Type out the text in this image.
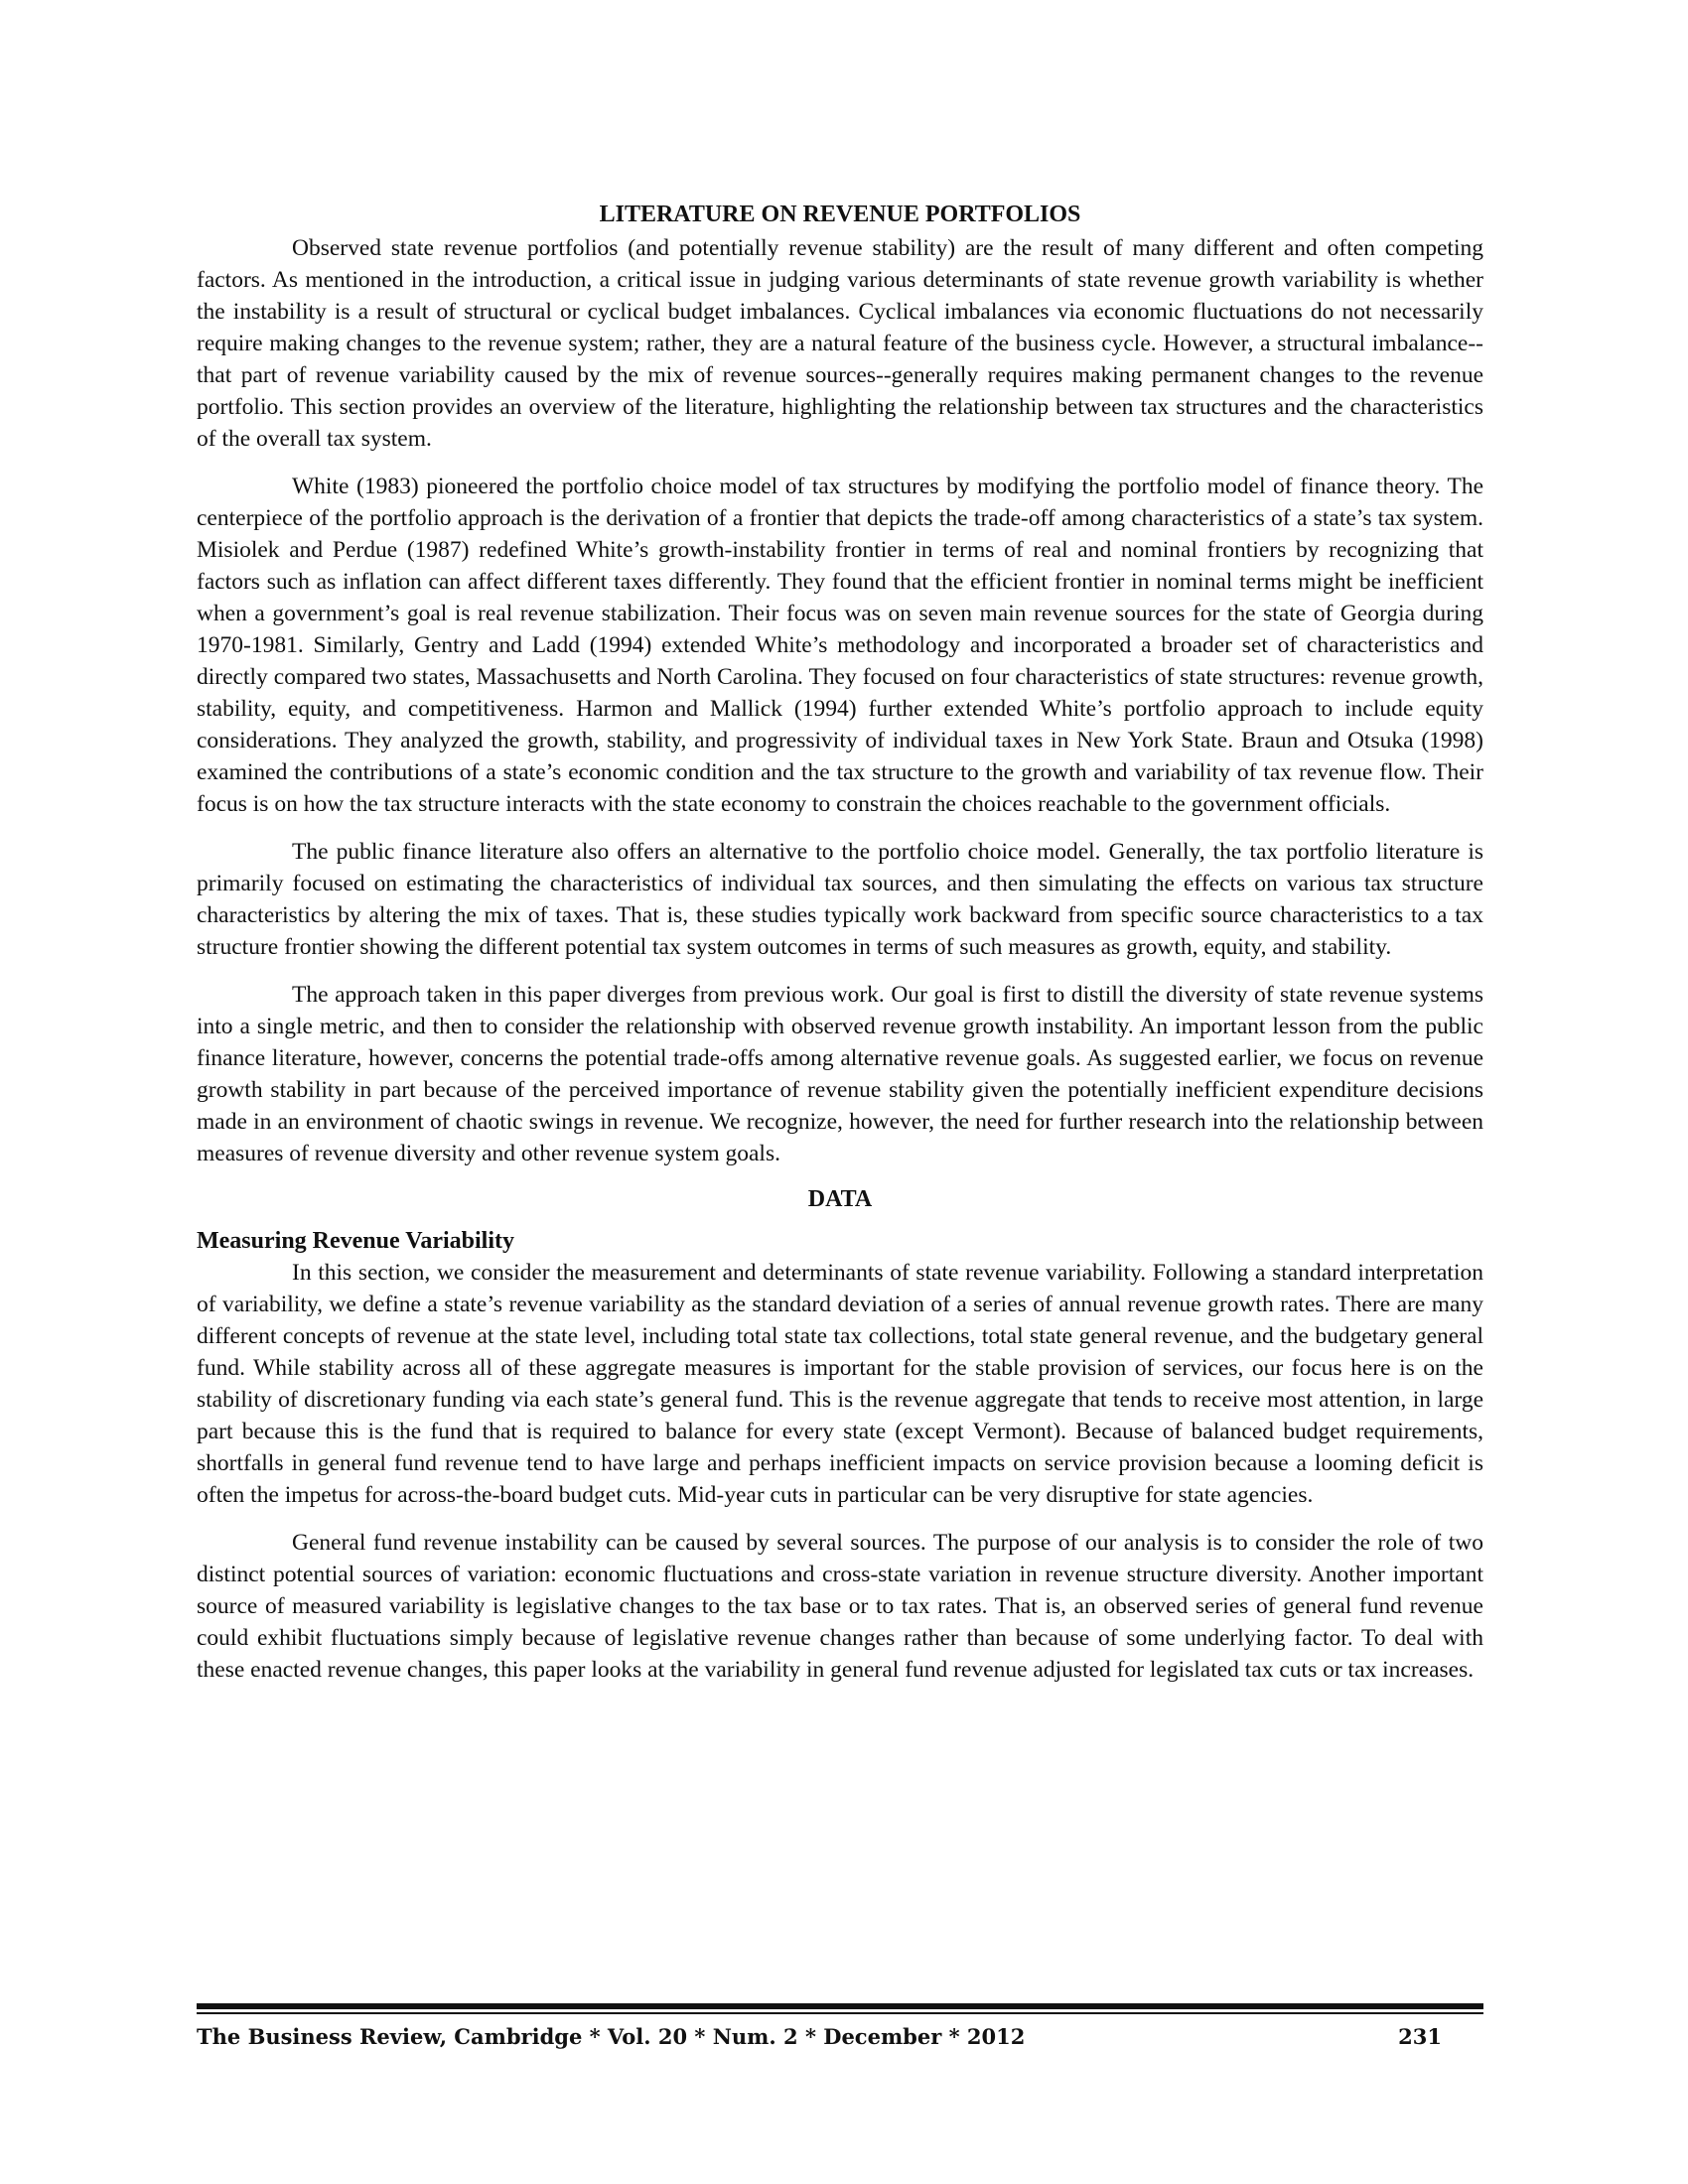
LITERATURE ON REVENUE PORTFOLIOS

Observed state revenue portfolios (and potentially revenue stability) are the result of many different and often competing factors. As mentioned in the introduction, a critical issue in judging various determinants of state revenue growth variability is whether the instability is a result of structural or cyclical budget imbalances. Cyclical imbalances via economic fluctuations do not necessarily require making changes to the revenue system; rather, they are a natural feature of the business cycle. However, a structural imbalance--that part of revenue variability caused by the mix of revenue sources--generally requires making permanent changes to the revenue portfolio. This section provides an overview of the literature, highlighting the relationship between tax structures and the characteristics of the overall tax system.

White (1983) pioneered the portfolio choice model of tax structures by modifying the portfolio model of finance theory. The centerpiece of the portfolio approach is the derivation of a frontier that depicts the trade-off among characteristics of a state’s tax system. Misiolek and Perdue (1987) redefined White’s growth-instability frontier in terms of real and nominal frontiers by recognizing that factors such as inflation can affect different taxes differently. They found that the efficient frontier in nominal terms might be inefficient when a government’s goal is real revenue stabilization. Their focus was on seven main revenue sources for the state of Georgia during 1970-1981. Similarly, Gentry and Ladd (1994) extended White’s methodology and incorporated a broader set of characteristics and directly compared two states, Massachusetts and North Carolina. They focused on four characteristics of state structures: revenue growth, stability, equity, and competitiveness. Harmon and Mallick (1994) further extended White’s portfolio approach to include equity considerations. They analyzed the growth, stability, and progressivity of individual taxes in New York State. Braun and Otsuka (1998) examined the contributions of a state’s economic condition and the tax structure to the growth and variability of tax revenue flow. Their focus is on how the tax structure interacts with the state economy to constrain the choices reachable to the government officials.

The public finance literature also offers an alternative to the portfolio choice model. Generally, the tax portfolio literature is primarily focused on estimating the characteristics of individual tax sources, and then simulating the effects on various tax structure characteristics by altering the mix of taxes. That is, these studies typically work backward from specific source characteristics to a tax structure frontier showing the different potential tax system outcomes in terms of such measures as growth, equity, and stability.

The approach taken in this paper diverges from previous work. Our goal is first to distill the diversity of state revenue systems into a single metric, and then to consider the relationship with observed revenue growth instability. An important lesson from the public finance literature, however, concerns the potential trade-offs among alternative revenue goals. As suggested earlier, we focus on revenue growth stability in part because of the perceived importance of revenue stability given the potentially inefficient expenditure decisions made in an environment of chaotic swings in revenue. We recognize, however, the need for further research into the relationship between measures of revenue diversity and other revenue system goals.

DATA
Measuring Revenue Variability

In this section, we consider the measurement and determinants of state revenue variability. Following a standard interpretation of variability, we define a state’s revenue variability as the standard deviation of a series of annual revenue growth rates. There are many different concepts of revenue at the state level, including total state tax collections, total state general revenue, and the budgetary general fund. While stability across all of these aggregate measures is important for the stable provision of services, our focus here is on the stability of discretionary funding via each state’s general fund. This is the revenue aggregate that tends to receive most attention, in large part because this is the fund that is required to balance for every state (except Vermont). Because of balanced budget requirements, shortfalls in general fund revenue tend to have large and perhaps inefficient impacts on service provision because a looming deficit is often the impetus for across-the-board budget cuts. Mid-year cuts in particular can be very disruptive for state agencies.

General fund revenue instability can be caused by several sources. The purpose of our analysis is to consider the role of two distinct potential sources of variation: economic fluctuations and cross-state variation in revenue structure diversity. Another important source of measured variability is legislative changes to the tax base or to tax rates. That is, an observed series of general fund revenue could exhibit fluctuations simply because of legislative revenue changes rather than because of some underlying factor. To deal with these enacted revenue changes, this paper looks at the variability in general fund revenue adjusted for legislated tax cuts or tax increases.

The Business Review, Cambridge * Vol. 20 * Num. 2 * December * 2012	231
